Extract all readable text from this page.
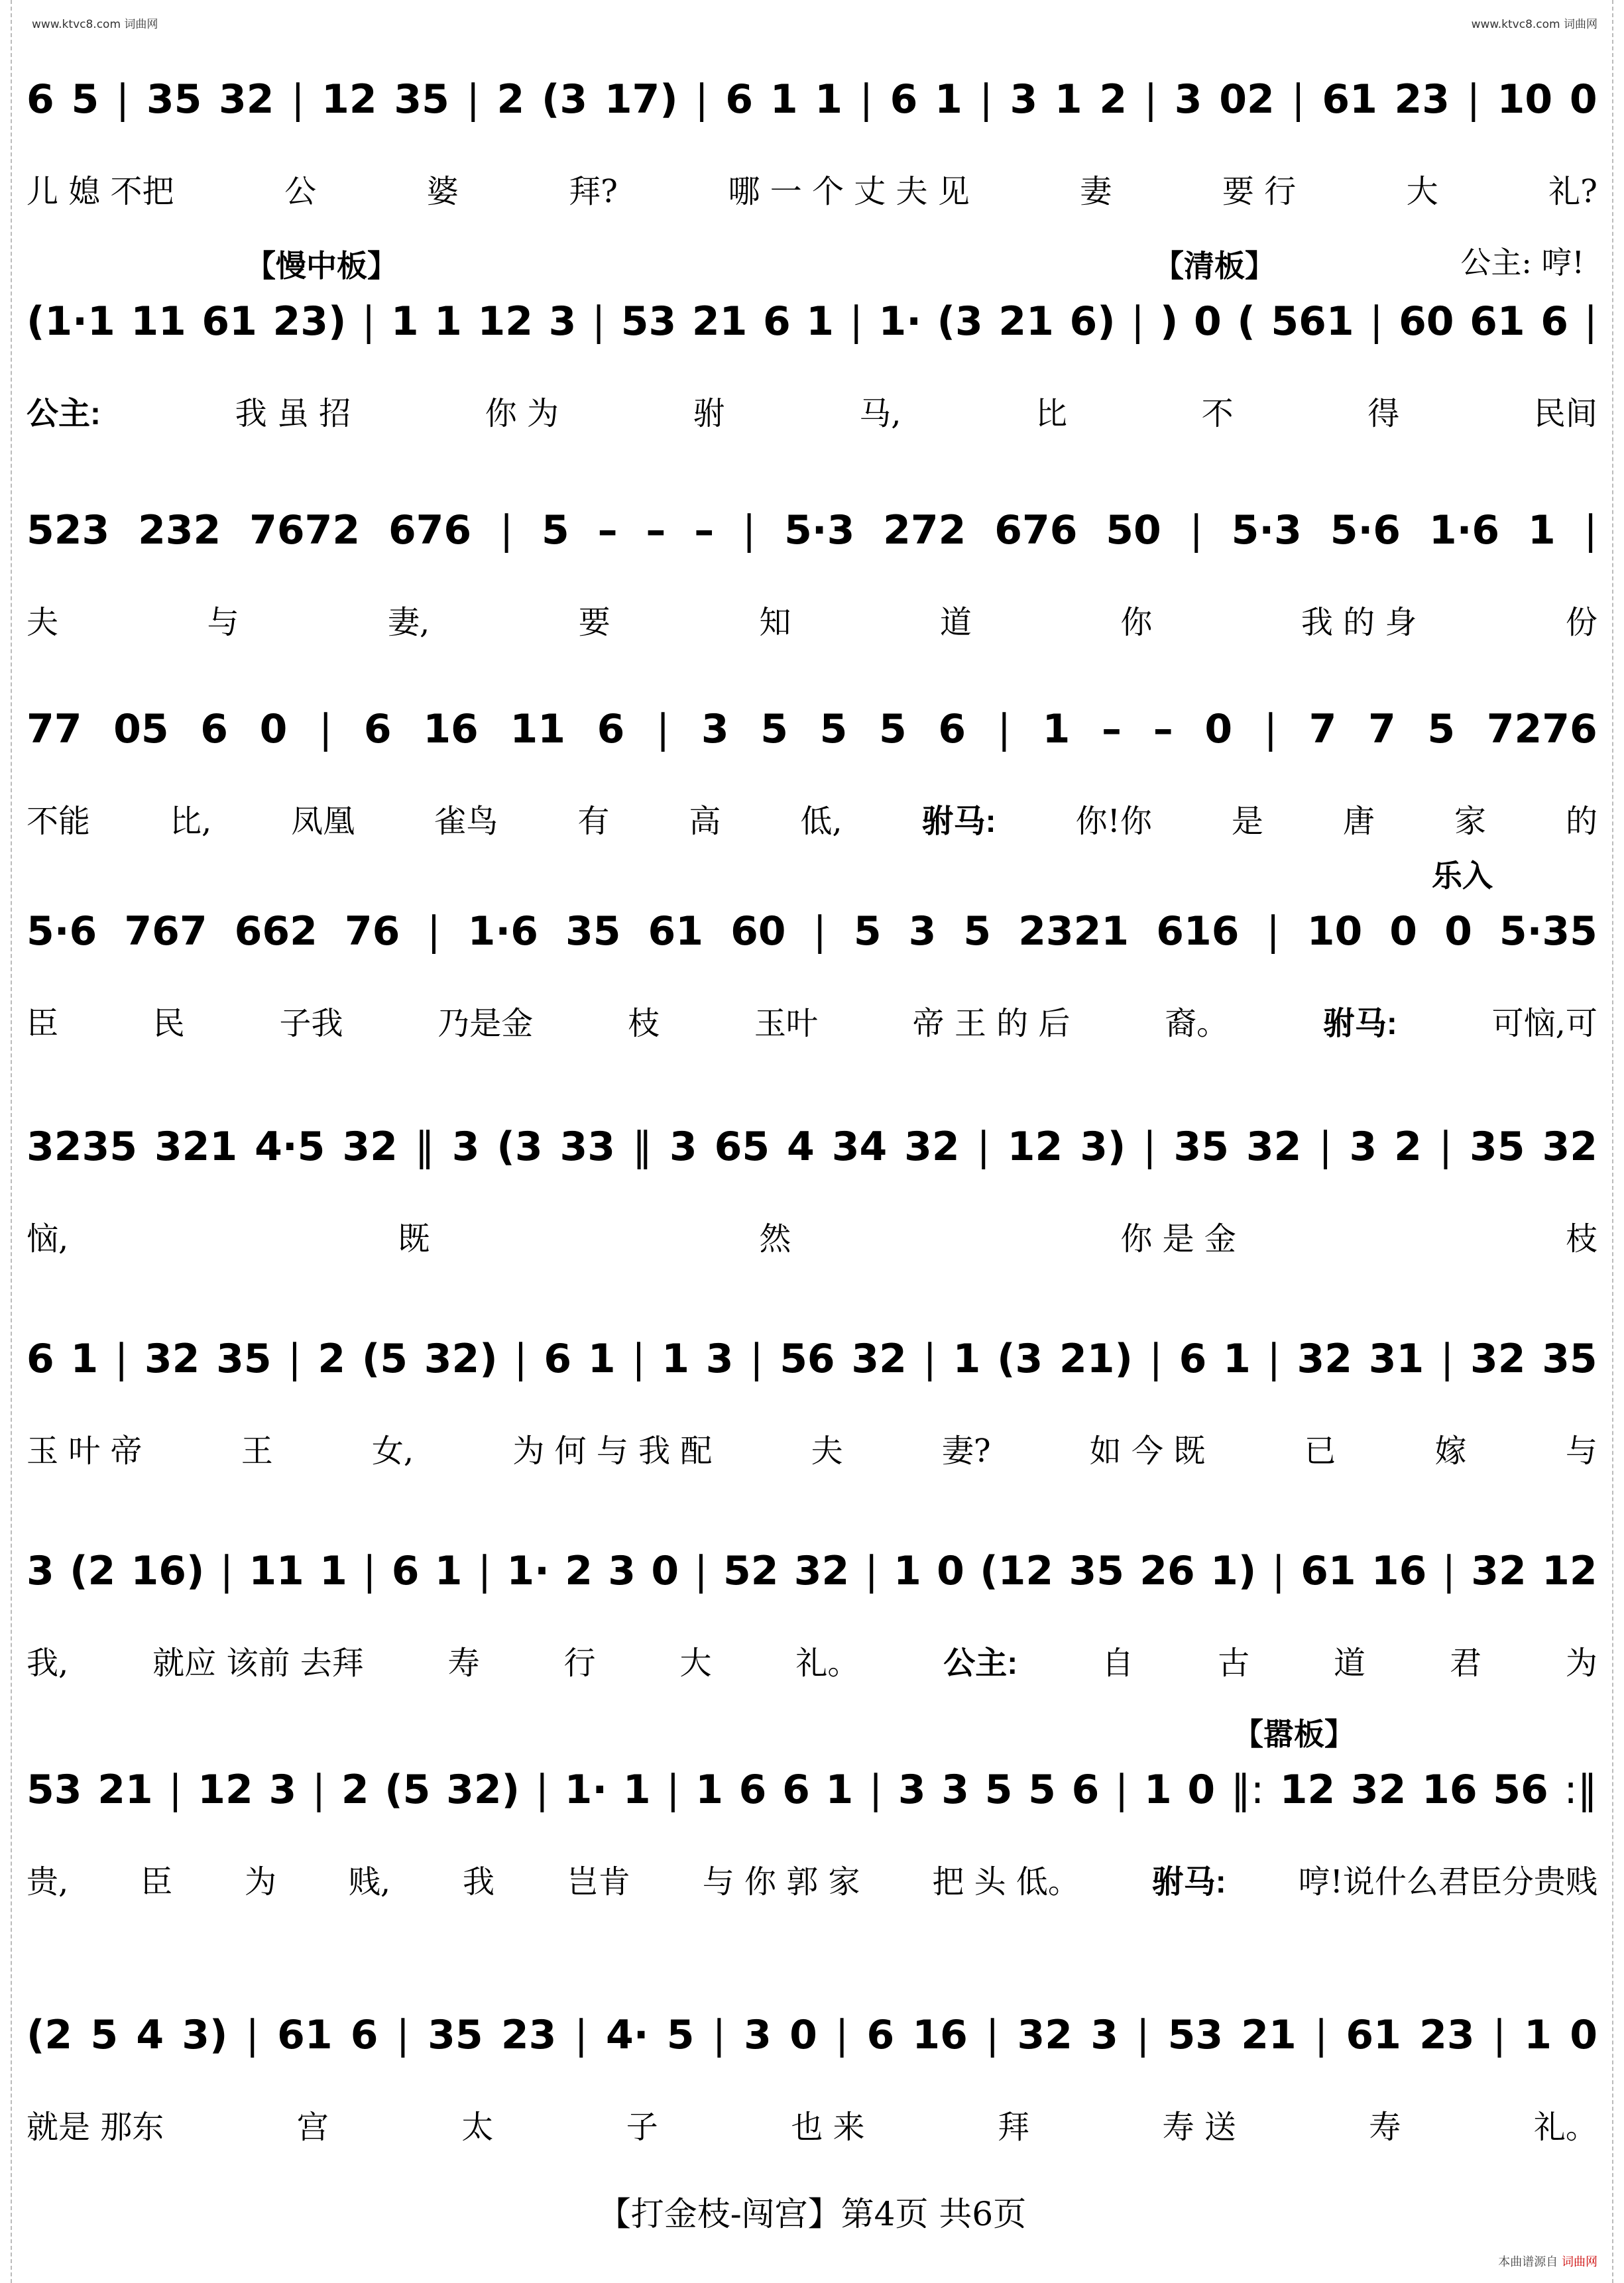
www.ktvc8.com 词曲网	www.ktvc8.com 词曲网
6 5 | 35 32 | 12 35 | 2 (3 17) | 6 1 1 | 6 1 | 3 1 2 | 3 02 | 61 23 | 10 0
儿 媳 不把	公	婆	拜?	哪 一 个 丈 夫 见	妻	要 行	大	礼?
公主: 哼!
【慢中板】	【清板】
(1·1 11 61 23) | 1 1 12 3 | 53 21 6 1 | 1· (3 21 6) | ) 0 ( 561 | 60 61 6 |
公主:	我 虽 招	你 为	驸	马,	比	不	得	民间
523 232 7672 676 | 5 – – – | 5·3 272 676 50 | 5·3 5·6 1·6 1 |
夫	与	妻,	要	知	道	你	我 的 身	份
77 05 6 0 | 6 16 11 6 | 3 5 5 5 6 | 1 – – 0 | 7 7 5 7276
不能	比,	凤凰	雀鸟	有	高	低,	驸马:	你!你	是	唐	家	的
乐入
5·6 767 662 76 | 1·6 35 61 60 | 5 3 5 2321 616 | 10 0 0 5·35
臣	民	子我	乃是金	枝	玉叶	帝 王 的 后	裔。	驸马:	可恼,可
3235 321 4·5 32 ‖ 3 (3 33 ‖ 3 65 4 34 32 | 12 3) | 35 32 | 3 2 | 35 32
恼,	既	然	你 是 金	枝
6 1 | 32 35 | 2 (5 32) | 6 1 | 1 3 | 56 32 | 1 (3 21) | 6 1 | 32 31 | 32 35
玉 叶 帝	王	女,	为 何 与 我 配	夫	妻?	如 今 既	已	嫁	与
3 (2 16) | 11 1 | 6 1 | 1· 2 3 0 | 52 32 | 1 0 (12 35 26 1) | 61 16 | 32 12
我,	就应 该前 去拜	寿	行	大	礼。	公主:	自	古	道	君	为
【嚣板】
53 21 | 12 3 | 2 (5 32) | 1· 1 | 1 6 6 1 | 3 3 5 5 6 | 1 0 ‖: 12 32 16 56 :‖
贵, 臣 为 贱, 我 岂肯 与 你 郭 家 把 头 低。 驸马: 哼!说什么君臣分贵贱
(2 5 4 3) | 61 6 | 35 23 | 4· 5 | 3 0 | 6 16 | 32 3 | 53 21 | 61 23 | 1 0
就是 那东	宫	太	子	也 来	拜	寿 送	寿	礼。
【打金枝-闯宫】第4页 共6页
本曲谱源自 词曲网
